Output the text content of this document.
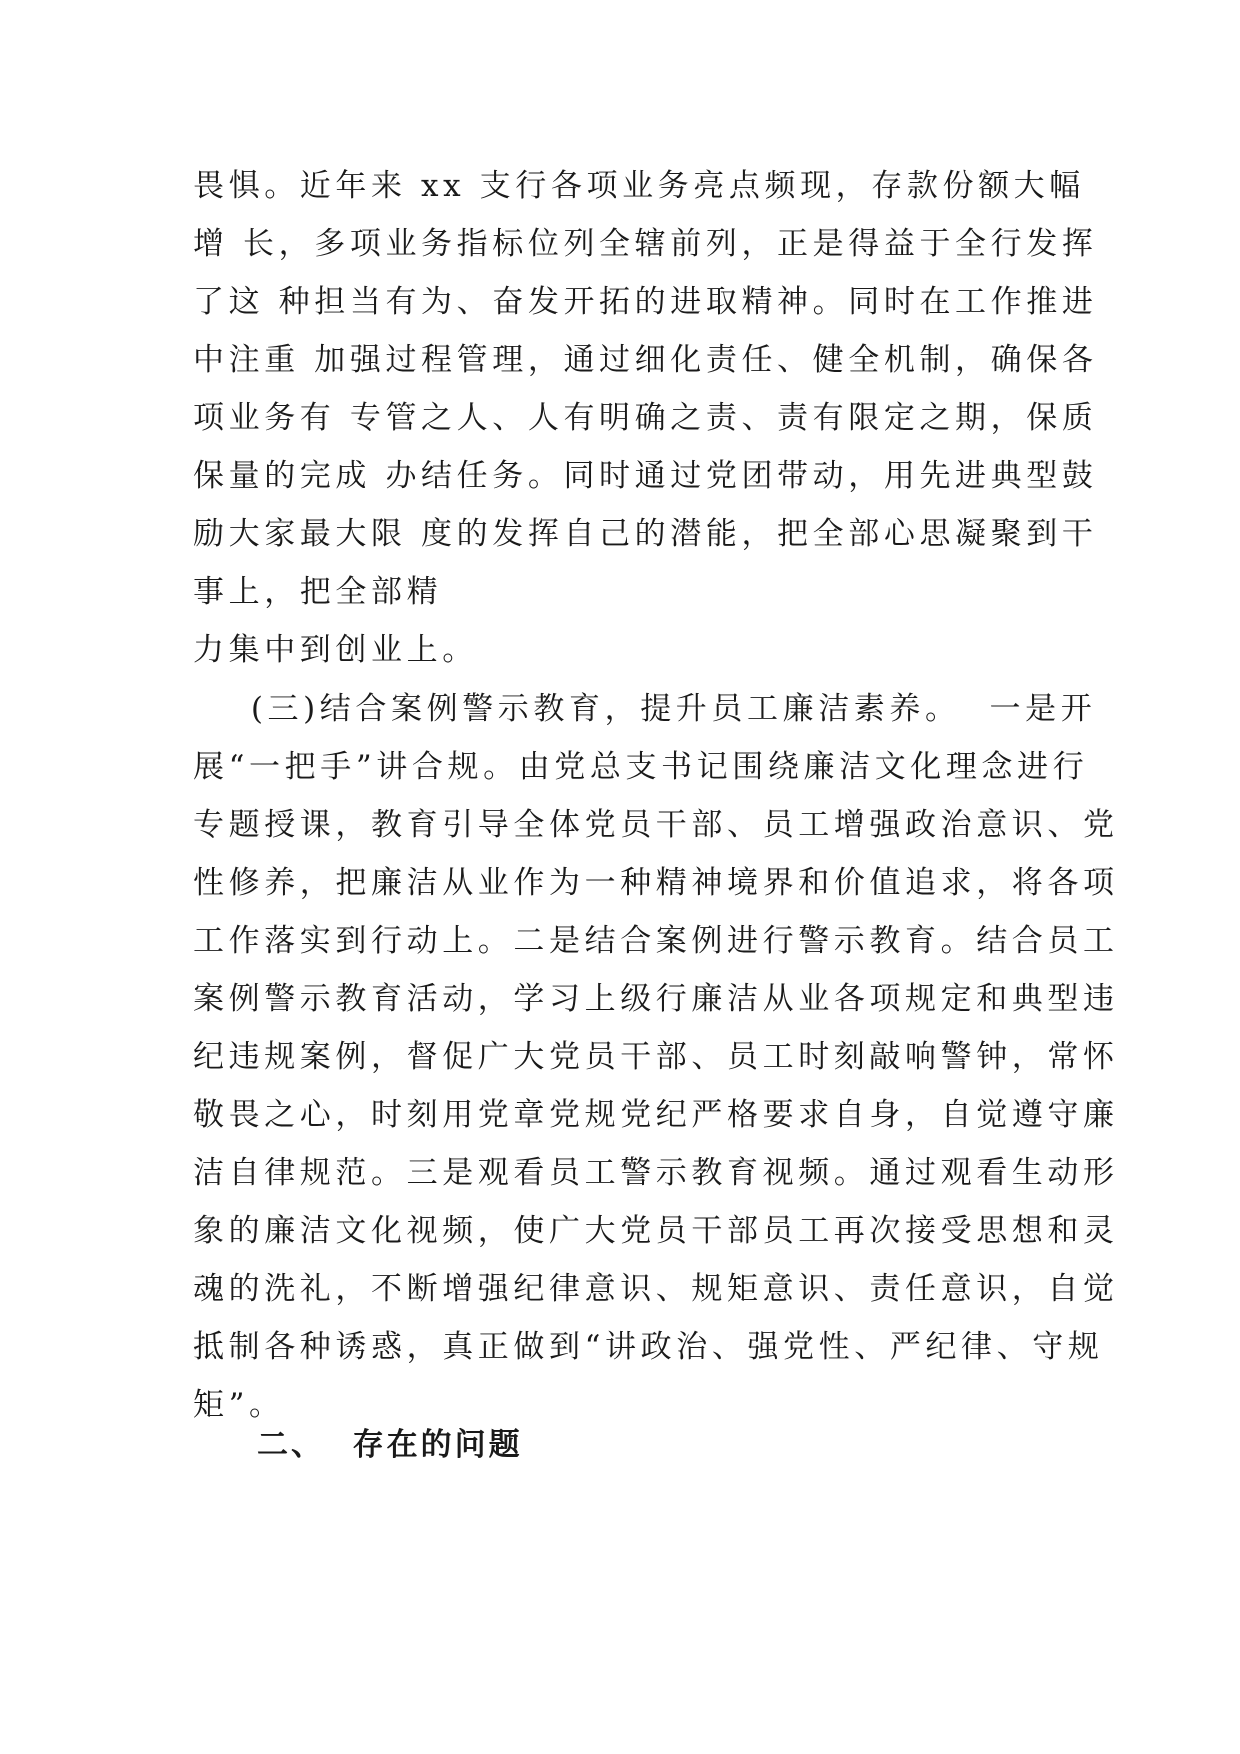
畏惧。近年来 xx 支行各项业务亮点频现，存款份额大幅
增 长，多项业务指标位列全辖前列，正是得益于全行发挥
了这 种担当有为、奋发开拓的进取精神。同时在工作推进
中注重 加强过程管理，通过细化责任、健全机制，确保各
项业务有 专管之人、人有明确之责、责有限定之期，保质
保量的完成 办结任务。同时通过党团带动，用先进典型鼓
励大家最大限 度的发挥自己的潜能，把全部心思凝聚到干
事上，把全部精
力集中到创业上。
(三)结合案例警示教育，提升员工廉洁素养。  一是开
展“一把手”讲合规。由党总支书记围绕廉洁文化理念进行
专题授课，教育引导全体党员干部、员工增强政治意识、党
性修养，把廉洁从业作为一种精神境界和价值追求，将各项
工作落实到行动上。二是结合案例进行警示教育。结合员工
案例警示教育活动，学习上级行廉洁从业各项规定和典型违
纪违规案例，督促广大党员干部、员工时刻敲响警钟，常怀
敬畏之心，时刻用党章党规党纪严格要求自身，自觉遵守廉
洁自律规范。三是观看员工警示教育视频。通过观看生动形
象的廉洁文化视频，使广大党员干部员工再次接受思想和灵
魂的洗礼，不断增强纪律意识、规矩意识、责任意识，自觉
抵制各种诱惑，真正做到“讲政治、强党性、严纪律、守规
矩”。
二、  存在的问题
